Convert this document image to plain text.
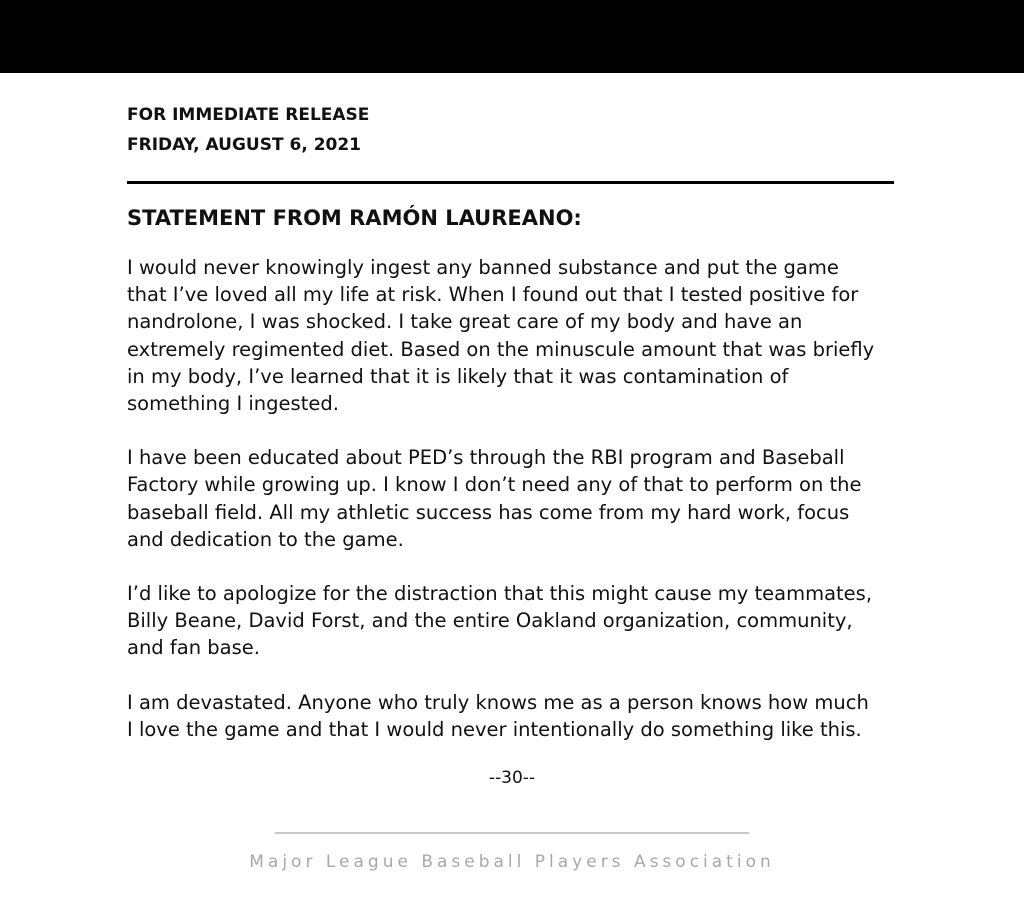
FOR IMMEDIATE RELEASE
FRIDAY, AUGUST 6, 2021
STATEMENT FROM RAMÓN LAUREANO:

I would never knowingly ingest any banned substance and put the game
that I’ve loved all my life at risk. When I found out that I tested positive for
nandrolone, I was shocked. I take great care of my body and have an
extremely regimented diet. Based on the minuscule amount that was briefly
in my body, I’ve learned that it is likely that it was contamination of
something I ingested.

I have been educated about PED’s through the RBI program and Baseball
Factory while growing up. I know I don’t need any of that to perform on the
baseball field. All my athletic success has come from my hard work, focus
and dedication to the game.

I’d like to apologize for the distraction that this might cause my teammates,
Billy Beane, David Forst, and the entire Oakland organization, community,
and fan base.

I am devastated. Anyone who truly knows me as a person knows how much
I love the game and that I would never intentionally do something like this.

--30--
Major League Baseball Players Association
